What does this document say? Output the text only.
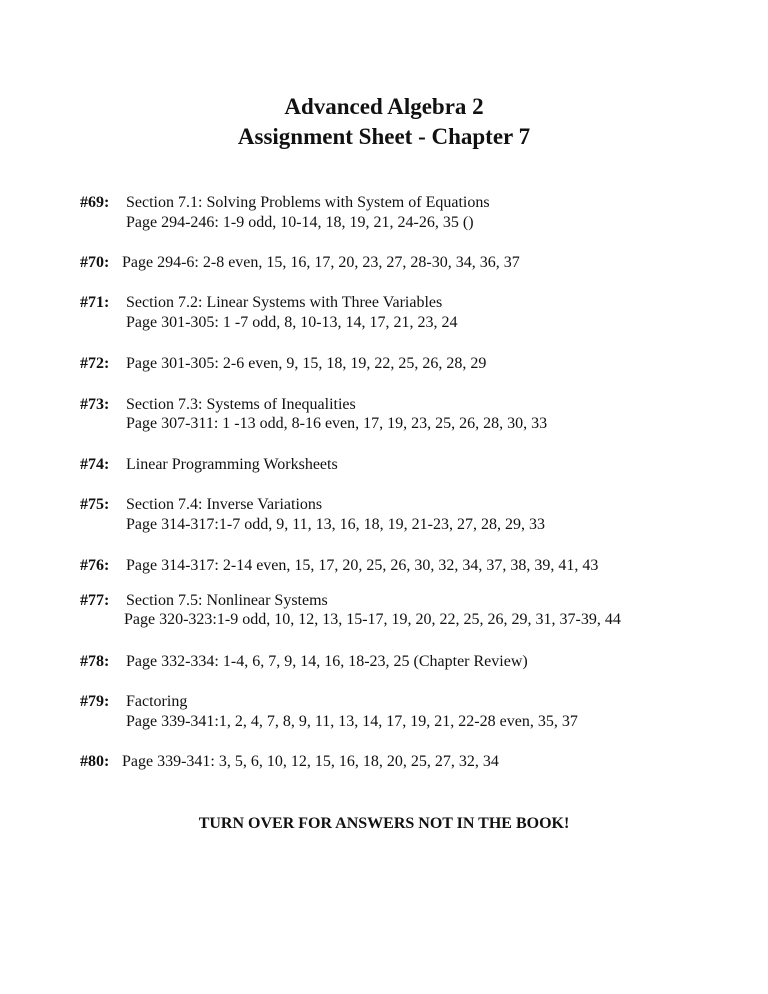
Advanced Algebra 2
Assignment Sheet - Chapter 7
#69: Section 7.1: Solving Problems with System of Equations
Page 294-246: 1-9 odd, 10-14, 18, 19, 21, 24-26, 35 ()
#70: Page 294-6: 2-8 even, 15, 16, 17, 20, 23, 27, 28-30, 34, 36, 37
#71: Section 7.2: Linear Systems with Three Variables
Page 301-305: 1 -7 odd, 8, 10-13, 14, 17, 21, 23, 24
#72: Page 301-305: 2-6 even, 9, 15, 18, 19, 22, 25, 26, 28, 29
#73: Section 7.3: Systems of Inequalities
Page 307-311: 1 -13 odd, 8-16 even, 17, 19, 23, 25, 26, 28, 30, 33
#74: Linear Programming Worksheets
#75: Section 7.4: Inverse Variations
Page 314-317:1-7 odd, 9, 11, 13, 16, 18, 19, 21-23, 27, 28, 29, 33
#76: Page 314-317: 2-14 even, 15, 17, 20, 25, 26, 30, 32, 34, 37, 38, 39, 41, 43
#77: Section 7.5: Nonlinear Systems
Page 320-323:1-9 odd, 10, 12, 13, 15-17, 19, 20, 22, 25, 26, 29, 31, 37-39, 44
#78: Page 332-334: 1-4, 6, 7, 9, 14, 16, 18-23, 25 (Chapter Review)
#79: Factoring
Page 339-341:1, 2, 4, 7, 8, 9, 11, 13, 14, 17, 19, 21, 22-28 even, 35, 37
#80: Page 339-341: 3, 5, 6, 10, 12, 15, 16, 18, 20, 25, 27, 32, 34
TURN OVER FOR ANSWERS NOT IN THE BOOK!
